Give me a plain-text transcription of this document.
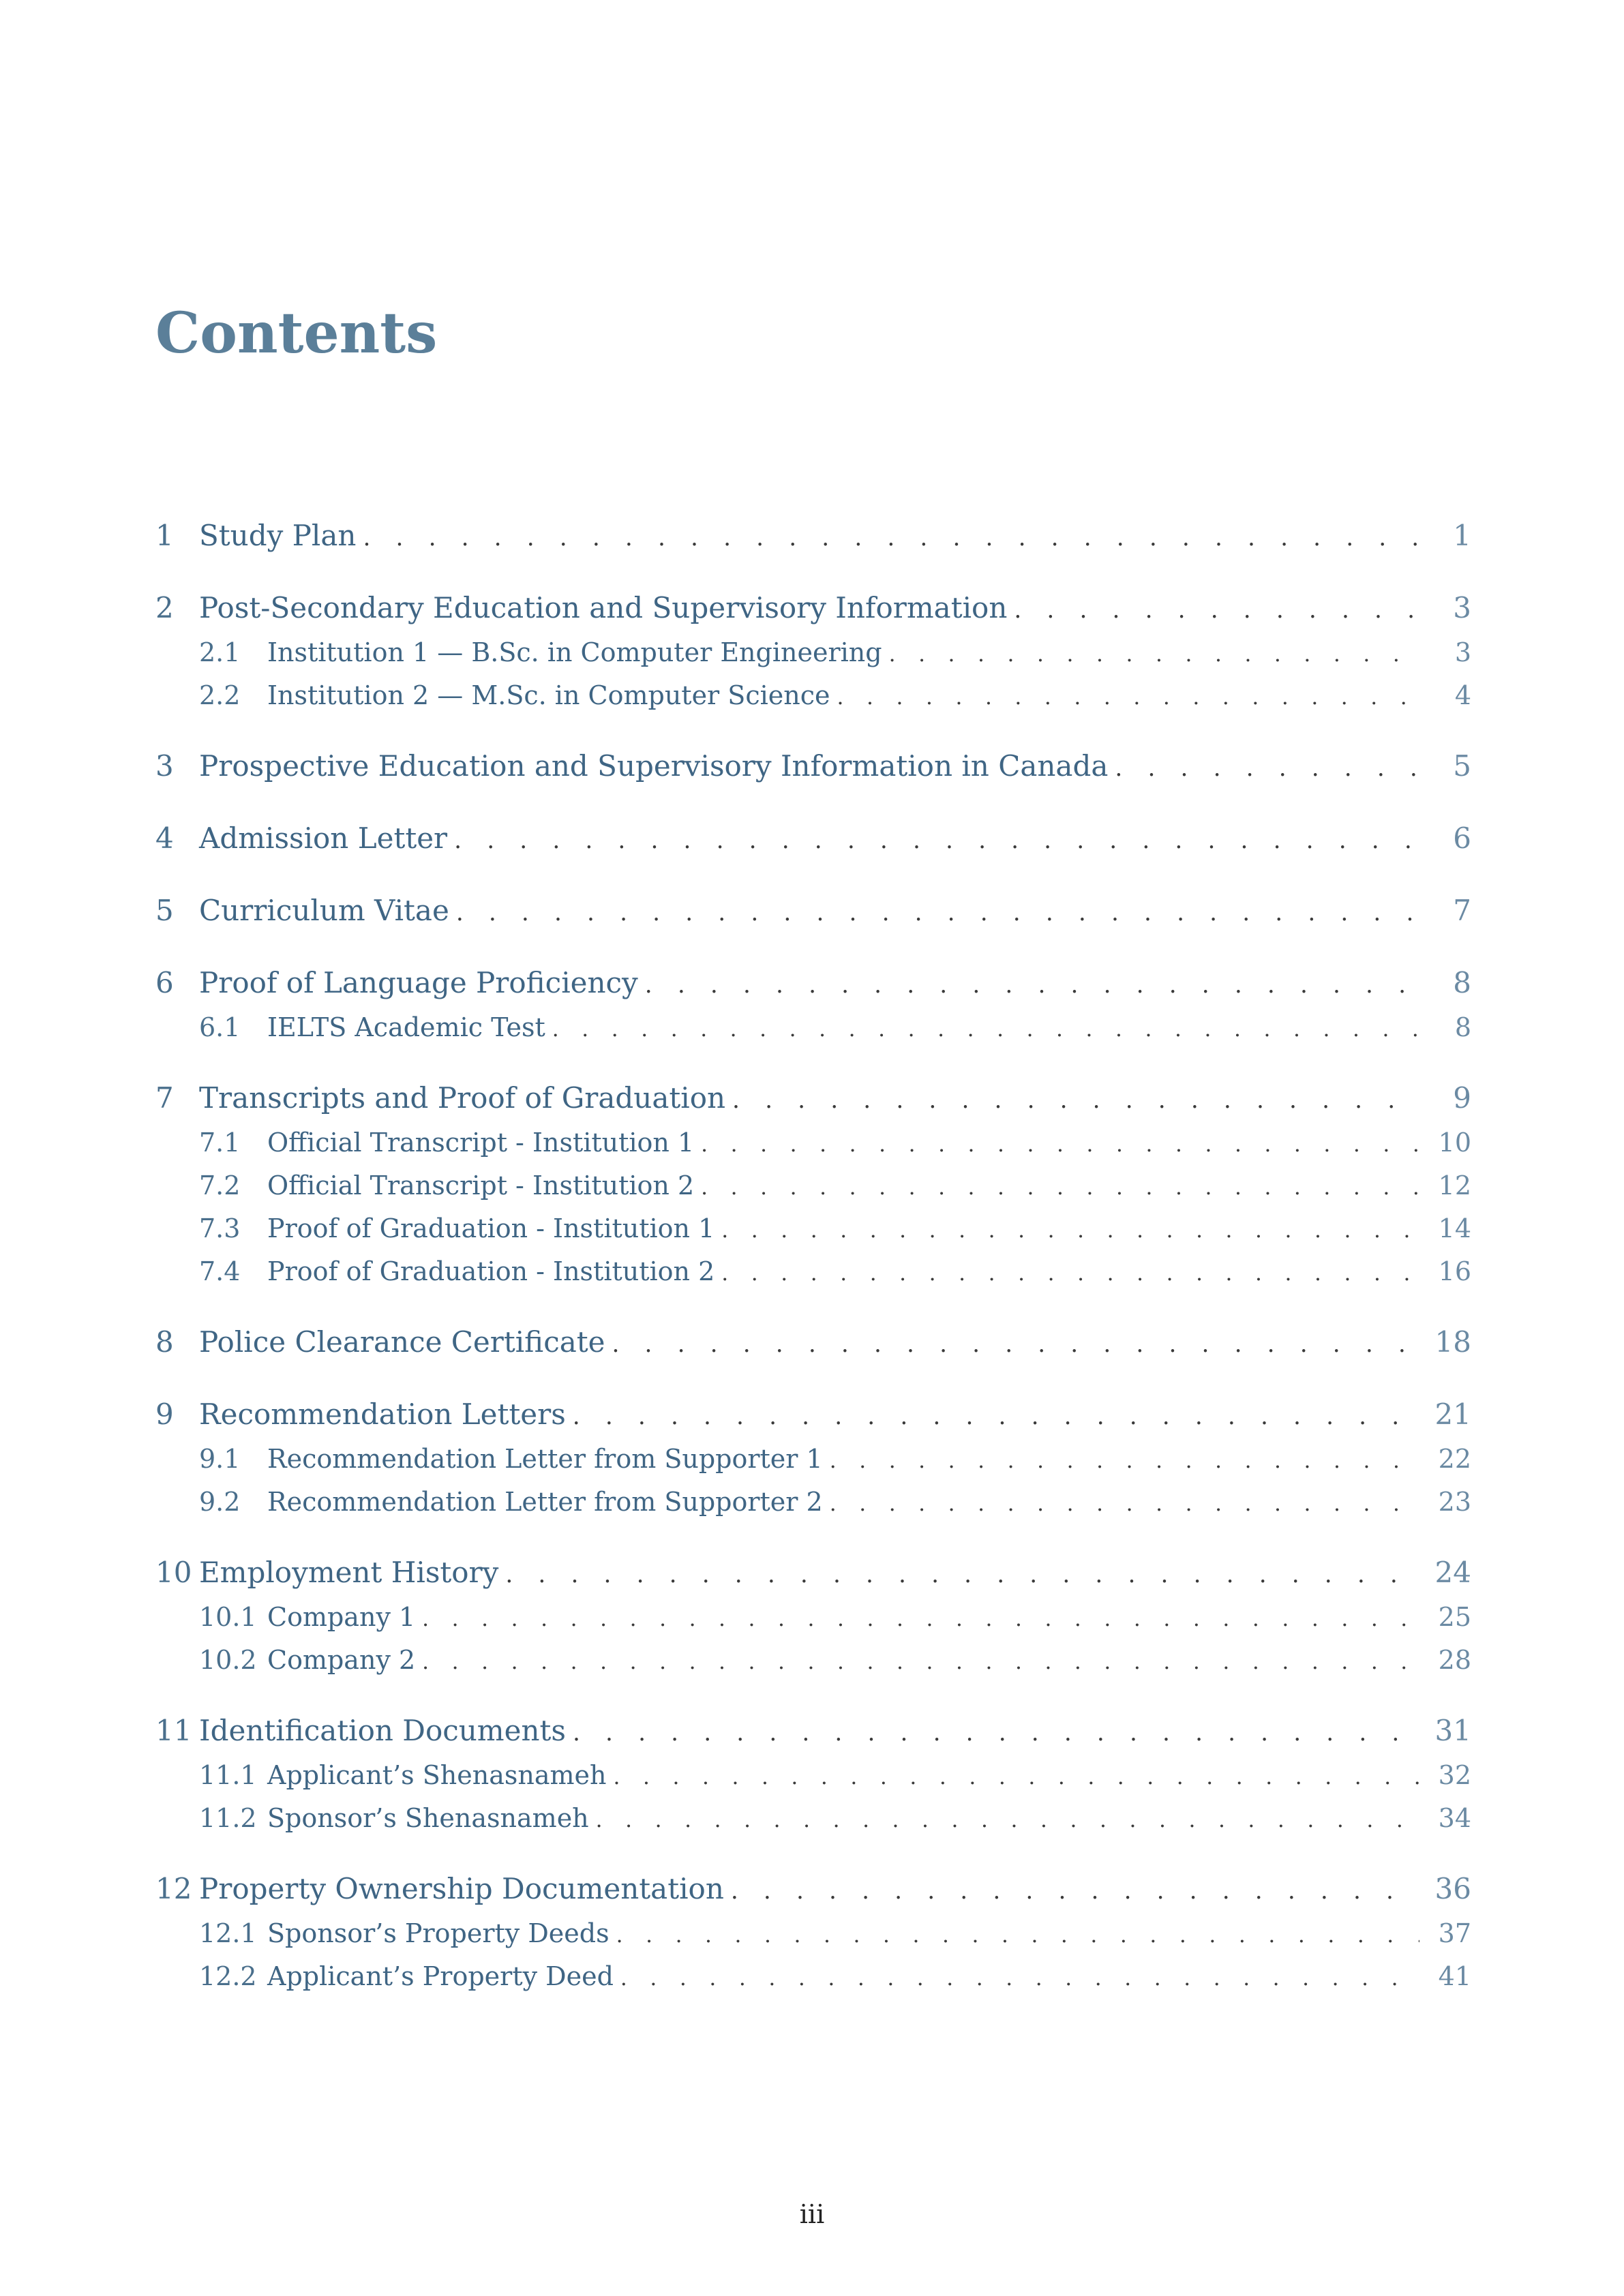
Contents
1 Study Plan . . .	1
2 Post-Secondary Education and Supervisory Information . . .	3
2.1	Institution 1 — B.Sc. in Computer Engineering . . .	3
2.2	Institution 2 — M.Sc. in Computer Science . . .	4
3 Prospective Education and Supervisory Information in Canada . . .	5
4 Admission Letter . . .	6
5 Curriculum Vitae . . .	7
6 Proof of Language Proficiency . . .	8
6.1	IELTS Academic Test . . .	8
7 Transcripts and Proof of Graduation . . .	9
7.1	Official Transcript - Institution 1 . . .	10
7.2	Official Transcript - Institution 2 . . .	12
7.3	Proof of Graduation - Institution 1 . . .	14
7.4	Proof of Graduation - Institution 2 . . .	16
8 Police Clearance Certificate . . .	18
9 Recommendation Letters . . .	21
9.1	Recommendation Letter from Supporter 1 . . .	22
9.2	Recommendation Letter from Supporter 2 . . .	23
10 Employment History . . .	24
10.1 Company 1 . . .	25
10.2 Company 2 . . .	28
11 Identification Documents . . .	31
11.1 Applicant’s Shenasnameh . . .	32
11.2 Sponsor’s Shenasnameh . . .	34
12 Property Ownership Documentation . . .	36
12.1 Sponsor’s Property Deeds . . .	37
12.2 Applicant’s Property Deed . . .	41
iii
